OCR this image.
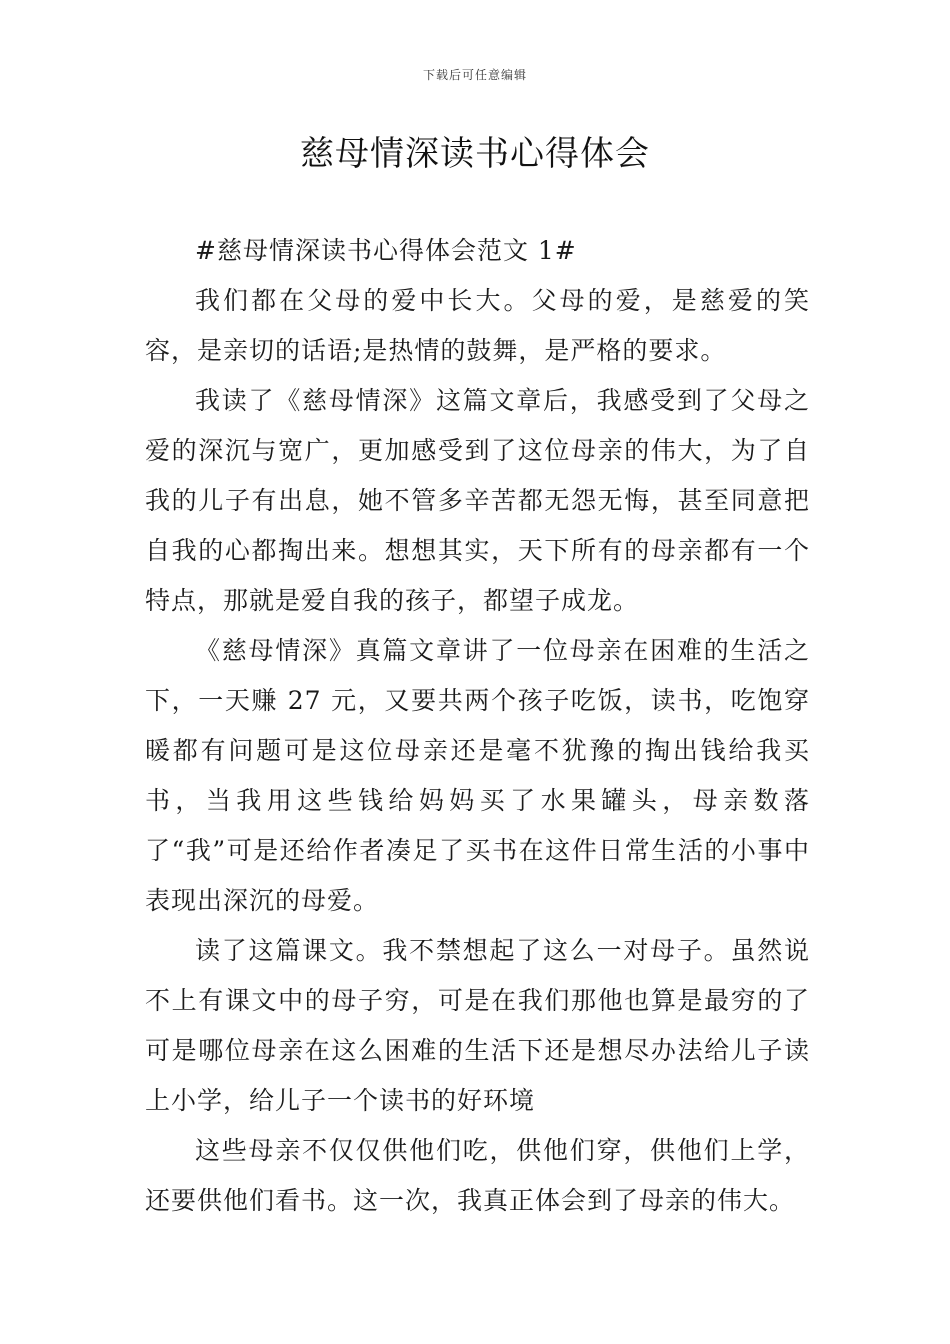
下载后可任意编辑
慈母情深读书心得体会
#慈母情深读书心得体会范文 1#

我们都在父母的爱中长大。父母的爱，是慈爱的笑容，是亲切的话语;是热情的鼓舞，是严格的要求。

我读了《慈母情深》这篇文章后，我感受到了父母之爱的深沉与宽广，更加感受到了这位母亲的伟大，为了自我的儿子有出息，她不管多辛苦都无怨无悔，甚至同意把自我的心都掏出来。想想其实，天下所有的母亲都有一个特点，那就是爱自我的孩子，都望子成龙。

《慈母情深》真篇文章讲了一位母亲在困难的生活之下，一天赚 27 元，又要共两个孩子吃饭，读书，吃饱穿暖都有问题可是这位母亲还是毫不犹豫的掏出钱给我买书，当我用这些钱给妈妈买了水果罐头，母亲数落了“我”可是还给作者凑足了买书在这件日常生活的小事中表现出深沉的母爱。

读了这篇课文。我不禁想起了这么一对母子。虽然说不上有课文中的母子穷，可是在我们那他也算是最穷的了可是哪位母亲在这么困难的生活下还是想尽办法给儿子读上小学，给儿子一个读书的好环境

这些母亲不仅仅供他们吃，供他们穿，供他们上学，还要供他们看书。这一次，我真正体会到了母亲的伟大。
